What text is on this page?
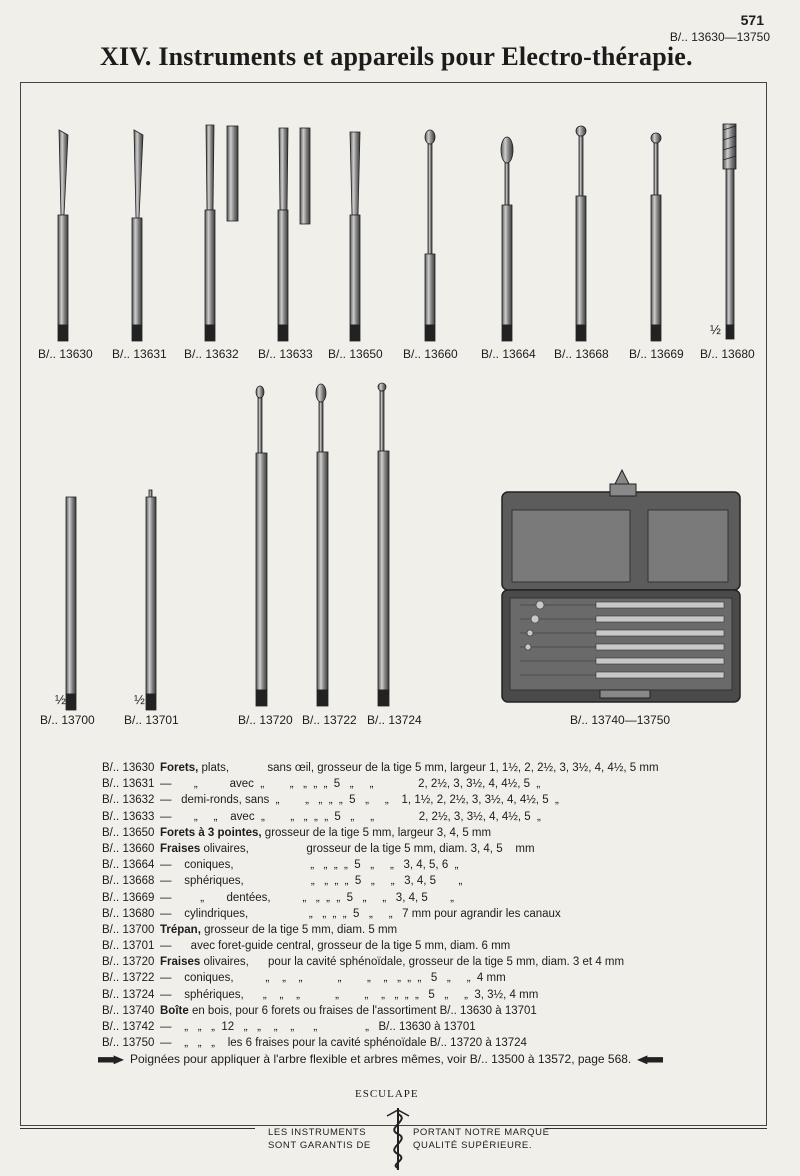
571
B/.. 13630—13750
XIV. Instruments et appareils pour Electro-thérapie.
B/.. 13630 B/.. 13631 B/.. 13632 B/.. 13633 B/.. 13650 B/.. 13660 B/.. 13664 B/.. 13668 B/.. 13669 B/.. 13680
½
½	½
B/.. 13700 B/.. 13701	B/.. 13720 B/.. 13722 B/.. 13724	B/.. 13740—13750
B/.. 13630 Forets, plats,            sans œil, grosseur de la tige 5 mm, largeur 1, 1½, 2, 2½, 3, 3½, 4, 4½, 5 mm
B/.. 13631 —       „          avec  „        „   „  „  „  5   „     „              2, 2½, 3, 3½, 4, 4½, 5  „
B/.. 13632 —   demi-ronds, sans  „        „   „  „  „  5   „     „    1, 1½, 2, 2½, 3, 3½, 4, 4½, 5  „
B/.. 13633 —       „     „    avec  „        „   „  „  „  5   „     „              2, 2½, 3, 3½, 4, 4½, 5  „
B/.. 13650 Forets à 3 pointes, grosseur de la tige 5 mm, largeur 3, 4, 5 mm
B/.. 13660 Fraises olivaires,                  grosseur de la tige 5 mm, diam. 3, 4, 5    mm
B/.. 13664 —    coniques,                        „   „  „  „  5   „     „   3, 4, 5, 6  „
B/.. 13668 —    sphériques,                     „   „  „  „  5   „     „   3, 4, 5       „
B/.. 13669 —         „       dentées,          „   „  „  „  5   „     „   3, 4, 5       „
B/.. 13680 —    cylindriques,                   „   „  „  „  5   „     „   7 mm pour agrandir les canaux
B/.. 13700 Trépan, grosseur de la tige 5 mm, diam. 5 mm
B/.. 13701 —      avec foret-guide central, grosseur de la tige 5 mm, diam. 6 mm
B/.. 13720 Fraises olivaires,      pour la cavité sphénoïdale, grosseur de la tige 5 mm, diam. 3 et 4 mm
B/.. 13722 —    coniques,          „    „    „           „        „    „   „  „  „   5   „     „  4 mm
B/.. 13724 —    sphériques,      „    „    „           „        „    „   „  „  „   5   „     „  3, 3½, 4 mm
B/.. 13740 Boîte en bois, pour 6 forets ou fraises de l'assortiment B/.. 13630 à 13701
B/.. 13742 —    „   „   „  12   „   „    „    „      „               „   B/.. 13630 à 13701
B/.. 13750 —    „   „   „    les 6 fraises pour la cavité sphénoïdale B/.. 13720 à 13724
Poignées pour appliquer à l'arbre flexible et arbres mêmes, voir B/.. 13500 à 13572, page 568.
ESCULAPE
LES INSTRUMENTS
SONT GARANTIS DE
PORTANT NOTRE MARQUE
QUALITÉ SUPÉRIEURE.
